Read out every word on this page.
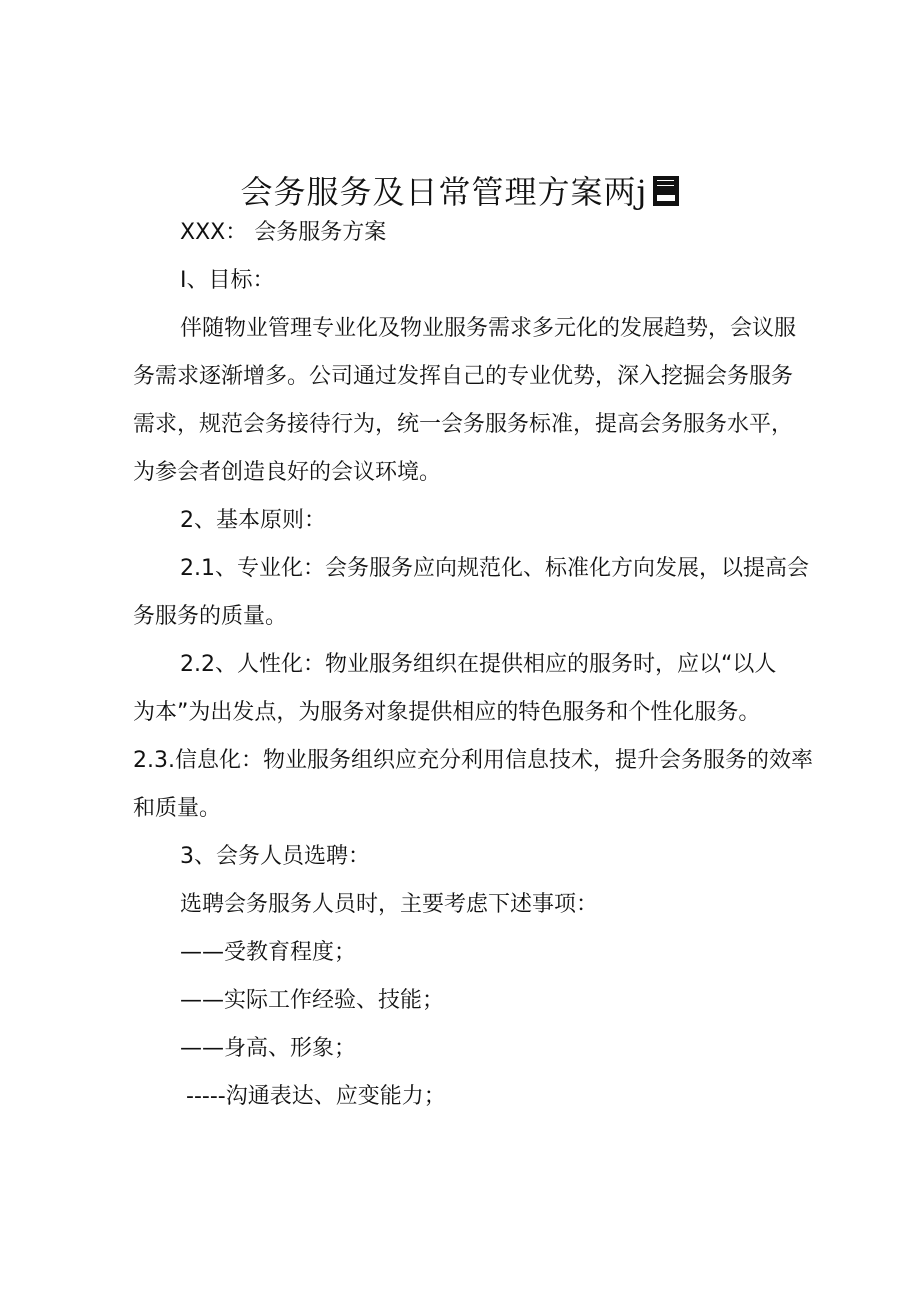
会务服务及日常管理方案两j
XXX： 会务服务方案
I、目标：
伴随物业管理专业化及物业服务需求多元化的发展趋势，会议服
务需求逐渐增多。公司通过发挥自己的专业优势，深入挖掘会务服务
需求，规范会务接待行为，统一会务服务标准，提高会务服务水平，
为参会者创造良好的会议环境。
2、基本原则：
2.1、专业化：会务服务应向规范化、标准化方向发展，以提高会
务服务的质量。
2.2、人性化：物业服务组织在提供相应的服务时，应以“以人
为本”为出发点，为服务对象提供相应的特色服务和个性化服务。
2.3.信息化：物业服务组织应充分利用信息技术，提升会务服务的效率
和质量。
3、会务人员选聘：
选聘会务服务人员时，主要考虑下述事项：
——受教育程度；
——实际工作经验、技能；
——身高、形象；
-----沟通表达、应变能力；
